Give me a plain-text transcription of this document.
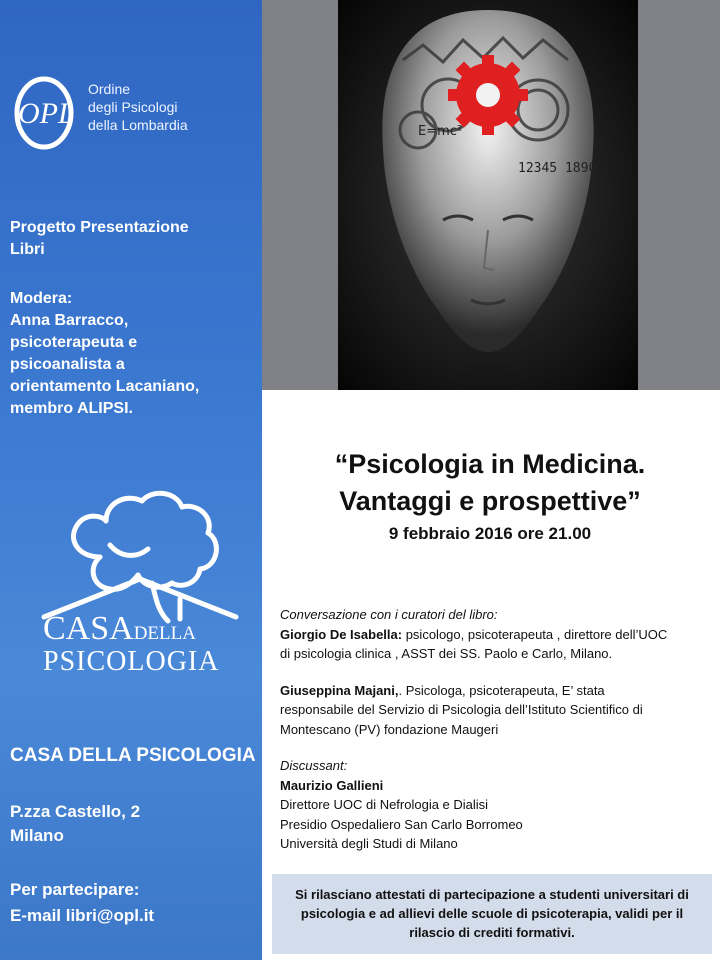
OPL
Ordine
degli Psicologi
della Lombardia
Progetto Presentazione
Libri
Modera:
Anna Barracco,
psicoterapeuta e
psicoanalista a
orientamento Lacaniano,
membro ALIPSI.
CASADELLA
PSICOLOGIA
CASA DELLA PSICOLOGIA
P.zza Castello, 2
Milano
Per partecipare:
E-mail libri@opl.it
E=mc²
12345 1890
“Psicologia in Medicina.
Vantaggi e prospettive”
9 febbraio 2016 ore 21.00

Conversazione con i curatori del libro:

Giorgio De Isabella: psicologo, psicoterapeuta , direttore dell’UOC

di psicologia clinica , ASST dei SS. Paolo e Carlo, Milano.

Giuseppina Majani,. Psicologa, psicoterapeuta, E’ stata

responsabile del Servizio di Psicologia dell’Istituto Scientifico di

Montescano (PV) fondazione Maugeri

Discussant:

Maurizio Gallieni

Direttore UOC di Nefrologia e Dialisi

Presidio Ospedaliero San Carlo Borromeo

Università degli Studi di Milano

Si rilasciano attestati di partecipazione a studenti universitari di
psicologia e ad allievi delle scuole di psicoterapia, validi per il
rilascio di crediti formativi.
